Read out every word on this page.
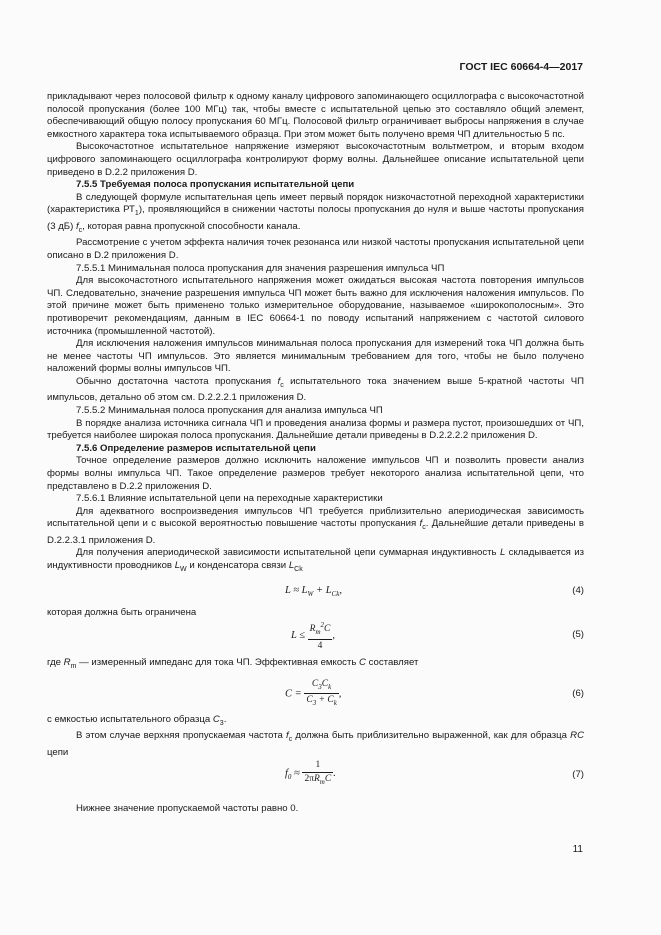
ГОСТ IEC 60664-4—2017

прикладывают через полосовой фильтр к одному каналу цифрового запоминающего осциллографа с высокочастотной полосой пропускания (более 100 МГц) так, чтобы вместе с испытательной цепью это составляло общий элемент, обеспечивающий общую полосу пропускания 60 МГц. Полосовой фильтр ограничивает выбросы напряжения в случае емкостного характера тока испытываемого образца. При этом может быть получено время ЧП длительностью 5 пс.

Высокочастотное испытательное напряжение измеряют высокочастотным вольтметром, и вторым входом цифрового запоминающего осциллографа контролируют форму волны. Дальнейшее описание испытательной цепи приведено в D.2.2 приложения D.

7.5.5 Требуемая полоса пропускания испытательной цепи

В следующей формуле испытательная цепь имеет первый порядок низкочастотной переходной характеристики (характеристика $РТ_1$), проявляющийся в снижении частоты полосы пропускания до нуля и выше частоты пропускания (3 дБ) $f_c$, которая равна пропускной способности канала.

Рассмотрение с учетом эффекта наличия точек резонанса или низкой частоты пропускания испытательной цепи описано в D.2 приложения D.

7.5.5.1 Минимальная полоса пропускания для значения разрешения импульса ЧП

Для высокочастотного испытательного напряжения может ожидаться высокая частота повторения импульсов ЧП. Следовательно, значение разрешения импульса ЧП может быть важно для исключения наложения импульсов. По этой причине может быть применено только измерительное оборудование, называемое «широкополосным». Это противоречит рекомендациям, данным в IEC 60664-1 по поводу испытаний напряжением с частотой силового источника (промышленной частотой).

Для исключения наложения импульсов минимальная полоса пропускания для измерений тока ЧП должна быть не менее частоты ЧП импульсов. Это является минимальным требованием для того, чтобы не было получено наложений формы волны импульсов ЧП.

Обычно достаточна частота пропускания $f_c$ испытательного тока значением выше 5-кратной частоты ЧП импульсов, детально об этом см. D.2.2.2.1 приложения D.

7.5.5.2 Минимальная полоса пропускания для анализа импульса ЧП

В порядке анализа источника сигнала ЧП и проведения анализа формы и размера пустот, произошедших от ЧП, требуется наиболее широкая полоса пропускания. Дальнейшие детали приведены в D.2.2.2.2 приложения D.

7.5.6 Определение размеров испытательной цепи

Точное определение размеров должно исключить наложение импульсов ЧП и позволить провести анализ формы волны импульса ЧП. Такое определение размеров требует некоторого анализа испытательной цепи, что представлено в D.2.2 приложения D.

7.5.6.1 Влияние испытательной цепи на переходные характеристики

Для адекватного воспроизведения импульсов ЧП требуется приблизительно апериодическая зависимость испытательной цепи и с высокой вероятностью повышение частоты пропускания $f_c$. Дальнейшие детали приведены в D.2.2.3.1 приложения D.

Для получения апериодической зависимости испытательной цепи суммарная индуктивность L складывается из индуктивности проводников $L_W$ и конденсатора связи $L_{Ck}$

$L \approx L_W + L_{Ck}$,	(4)

которая должна быть ограничена

$L \le \frac{R_m^2C}{4}$ ,	(5)

где $R_m$ — измеренный импеданс для тока ЧП. Эффективная емкость C составляет

$C = \frac{C_3C_k}{C_3 + C_k}$ ,	(6)

с емкостью испытательного образца $C_3$.

В этом случае верхняя пропускаемая частота $f_c$ должна быть приблизительно выраженной, как для образца RC цепи

$f_0 \approx \frac{1}{2\pi R_mC}$ .	(7)

Нижнее значение пропускаемой частоты равно 0.

11
